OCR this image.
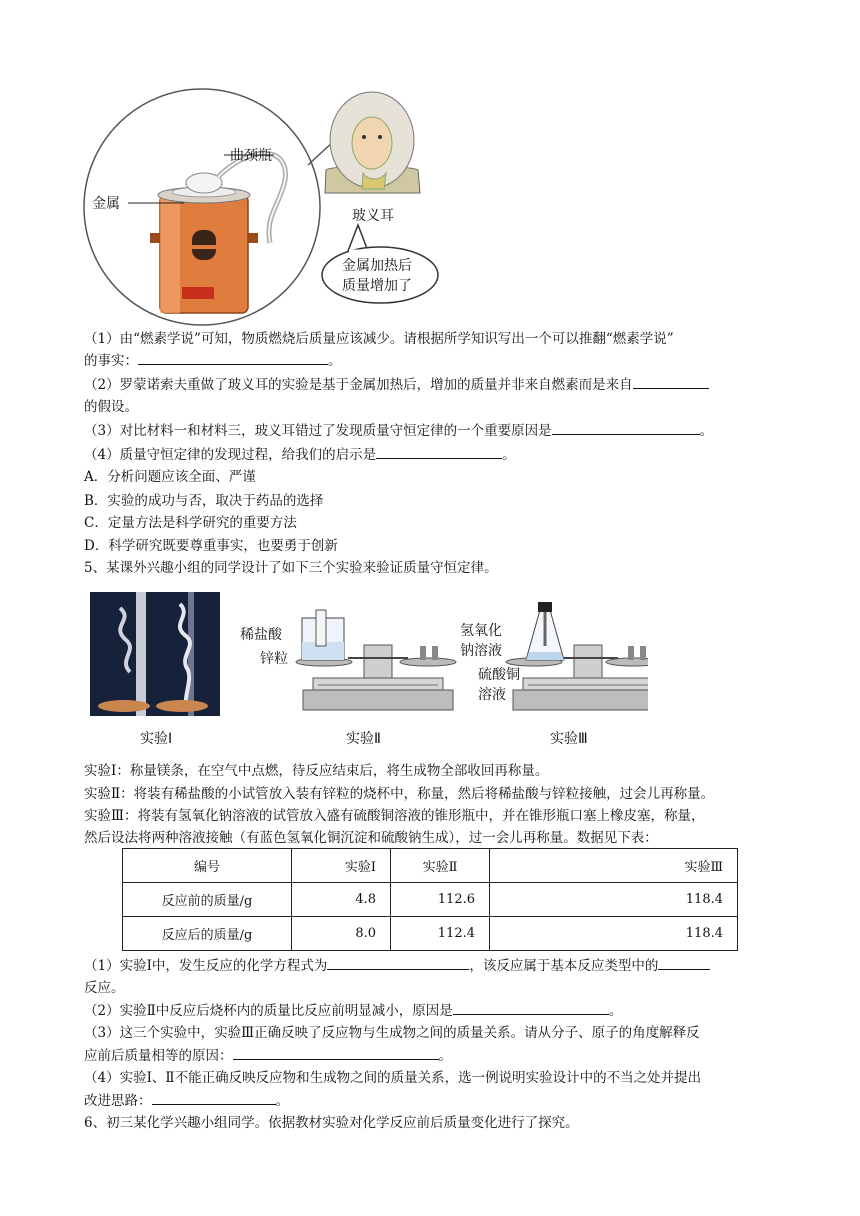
曲颈瓶
金属
玻义耳
金属加热后
质量增加了
（1）由“燃素学说”可知，物质燃烧后质量应该减少。请根据所学知识写出一个可以推翻“燃素学说”
的事实：	。
（2）罗蒙诺索夫重做了玻义耳的实验是基于金属加热后，增加的质量并非来自燃素而是来自
的假设。
（3）对比材料一和材料三，玻义耳错过了发现质量守恒定律的一个重要原因是	。
（4）质量守恒定律的发现过程，给我们的启示是	。
A．分析问题应该全面、严谨
B．实验的成功与否，取决于药品的选择
C．定量方法是科学研究的重要方法
D．科学研究既要尊重事实，也要勇于创新
5、某课外兴趣小组的同学设计了如下三个实验来验证质量守恒定律。
稀盐酸
锌粒
氢氧化
钠溶液
硫酸铜
溶液
实验Ⅰ	实验Ⅱ	实验Ⅲ
实验Ⅰ：称量镁条，在空气中点燃，待反应结束后，将生成物全部收回再称量。
实验Ⅱ：将装有稀盐酸的小试管放入装有锌粒的烧杯中，称量，然后将稀盐酸与锌粒接触，过会儿再称量。
实验Ⅲ：将装有氢氧化钠溶液的试管放入盛有硫酸铜溶液的锥形瓶中，并在锥形瓶口塞上橡皮塞，称量，
然后设法将两种溶液接触（有蓝色氢氧化铜沉淀和硫酸钠生成），过一会儿再称量。数据见下表：
编号	实验Ⅰ	实验Ⅱ	实验Ⅲ
反应前的质量/g	4.8	112.6	118.4
反应后的质量/g	8.0	112.4	118.4
（1）实验Ⅰ中，发生反应的化学方程式为	，该反应属于基本反应类型中的
反应。
（2）实验Ⅱ中反应后烧杯内的质量比反应前明显减小，原因是	。
（3）这三个实验中，实验Ⅲ正确反映了反应物与生成物之间的质量关系。请从分子、原子的角度解释反
应前后质量相等的原因：	。
（4）实验Ⅰ、Ⅱ不能正确反映反应物和生成物之间的质量关系，选一例说明实验设计中的不当之处并提出
改进思路：	。
6、初三某化学兴趣小组同学。依据教材实验对化学反应前后质量变化进行了探究。
